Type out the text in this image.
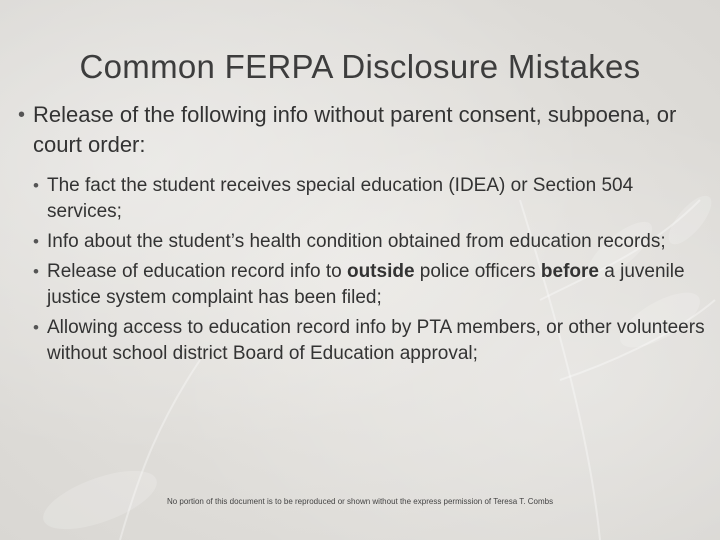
Common FERPA Disclosure Mistakes

• Release of the following info without parent consent, subpoena, or court order:

• The fact the student receives special education (IDEA) or Section 504 services;
• Info about the student’s health condition obtained from education records;
• Release of education record info to outside police officers before a juvenile justice system complaint has been filed;
• Allowing access to education record info by PTA members, or other volunteers without school district Board of Education approval;
No portion of this document is to be reproduced or shown without the express permission of Teresa T. Combs
